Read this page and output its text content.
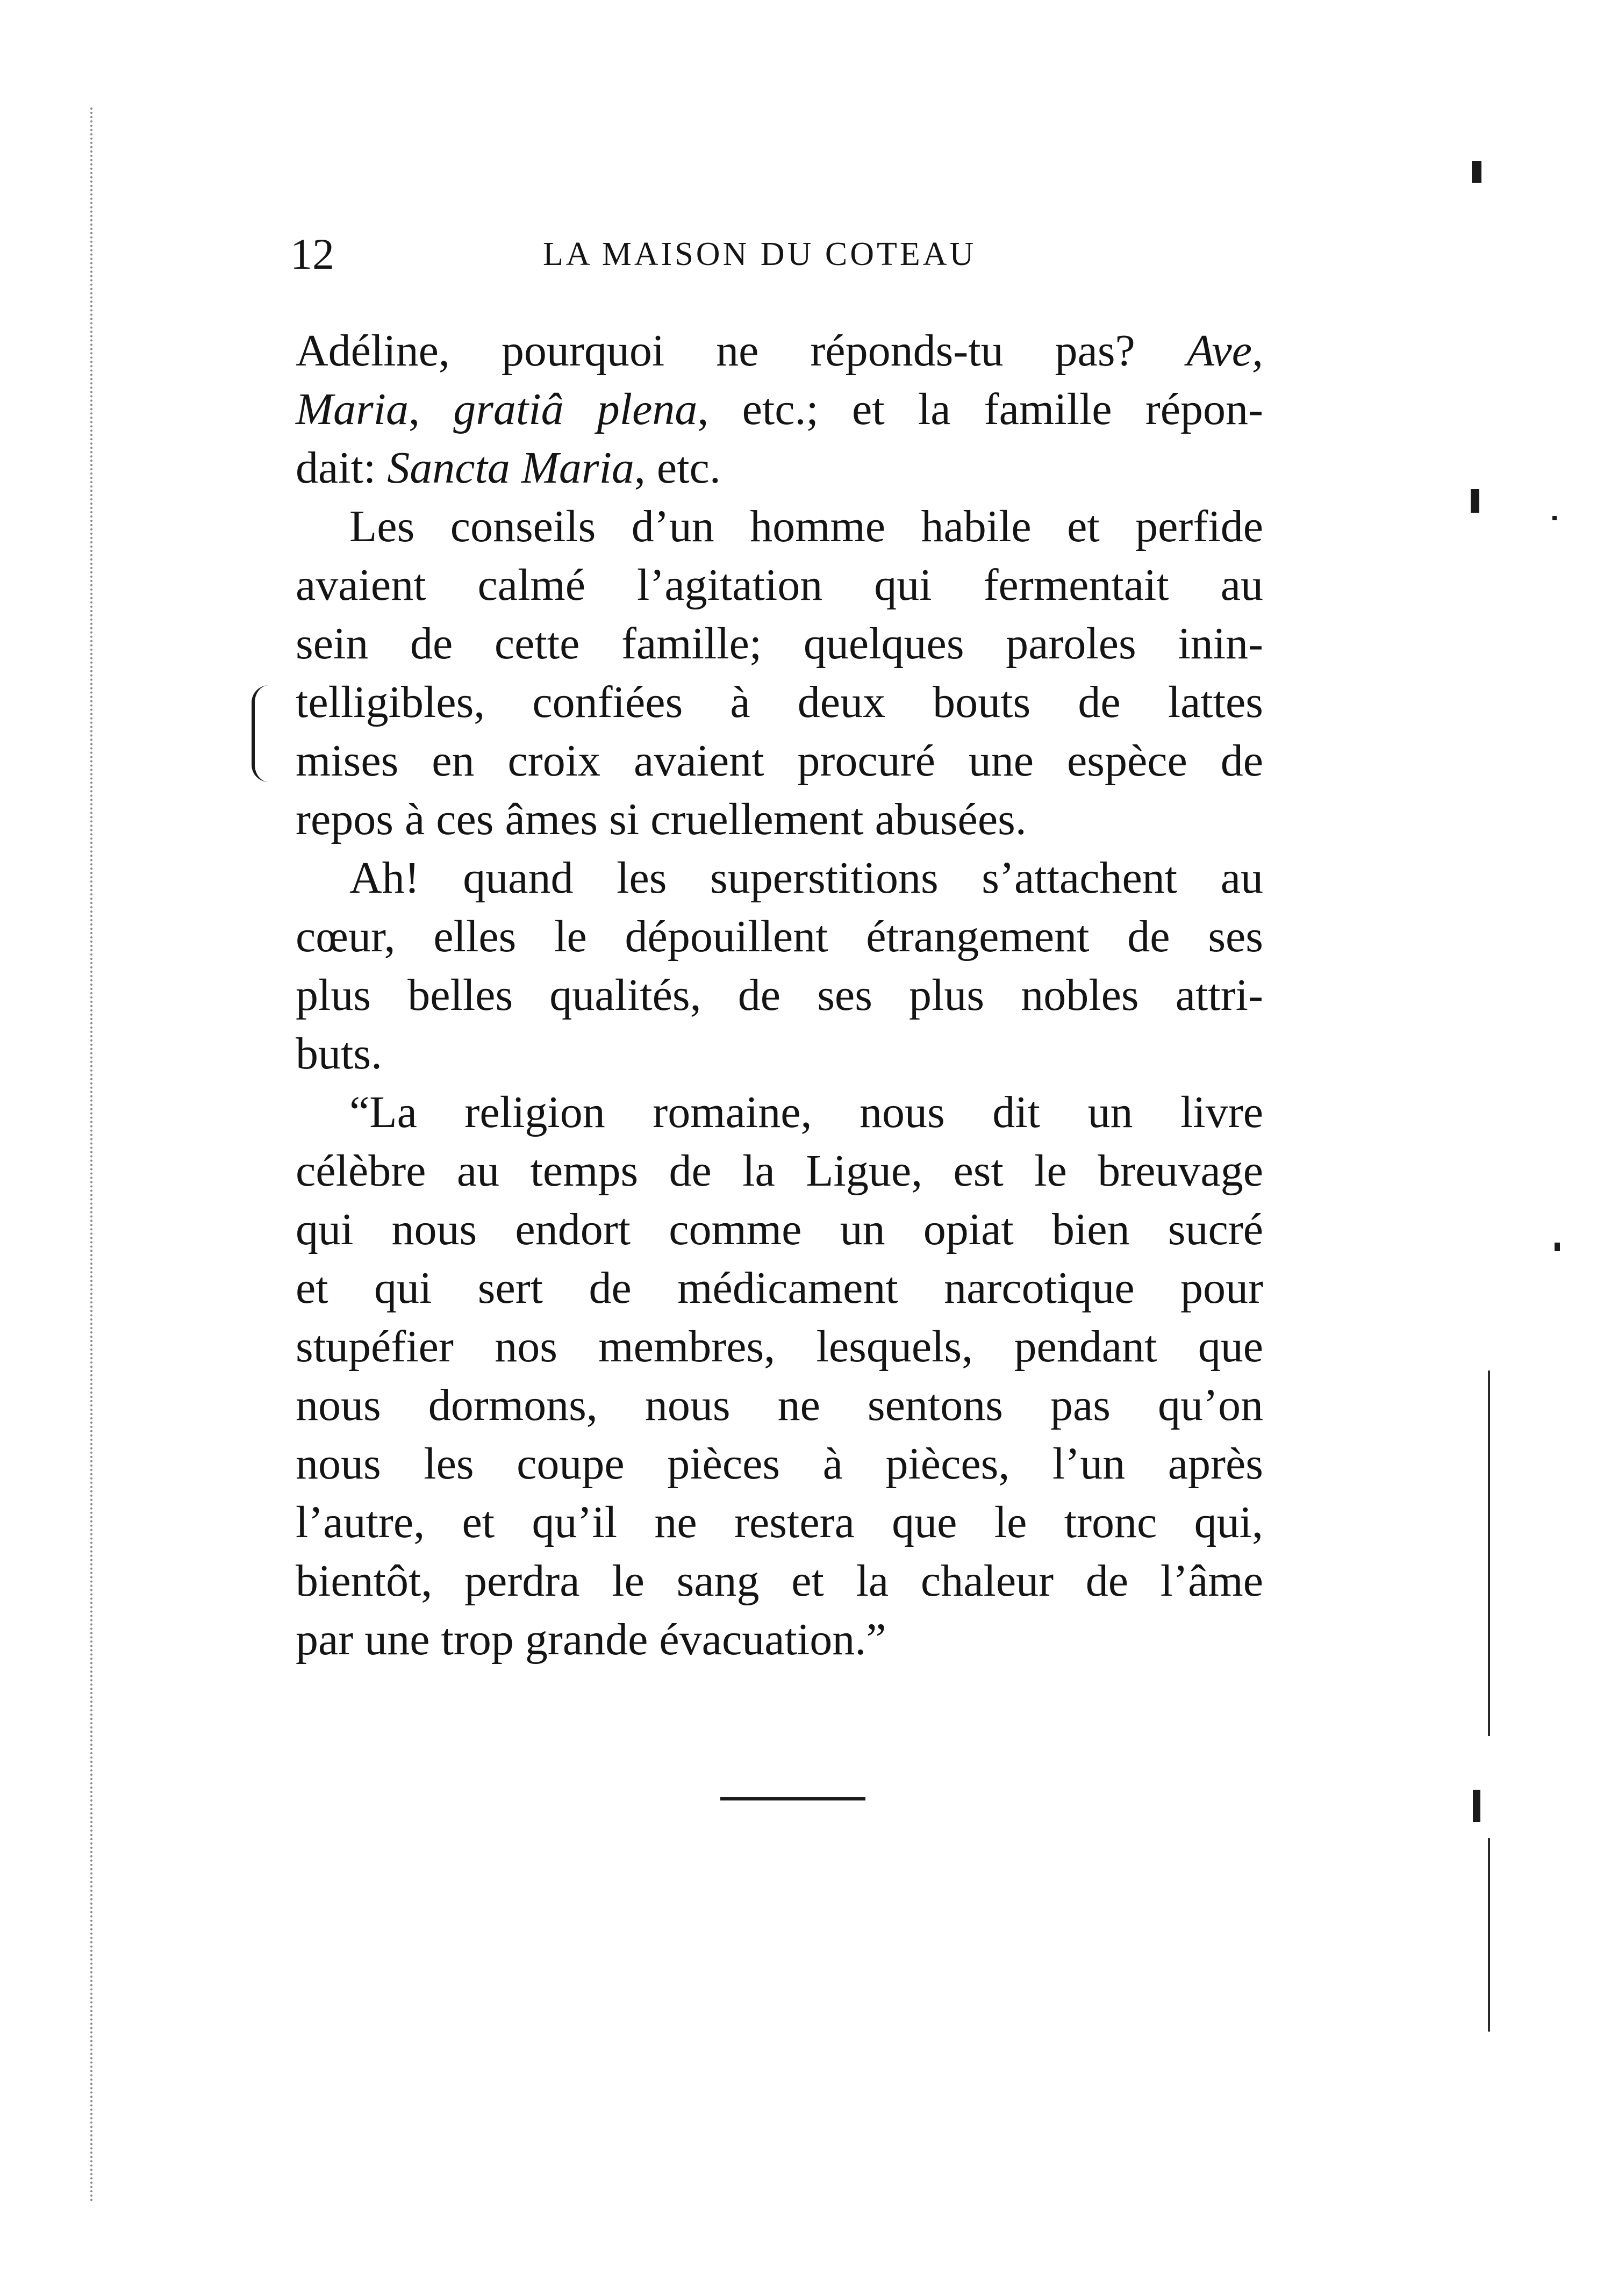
12	LA MAISON DU COTEAU
Adéline, pourquoi ne réponds-tu pas? Ave,
Maria, gratiâ plena, etc.; et la famille répon-
dait: Sancta Maria, etc.
Les conseils d’un homme habile et perfide
avaient calmé l’agitation qui fermentait au
sein de cette famille; quelques paroles inin-
telligibles, confiées à deux bouts de lattes
mises en croix avaient procuré une espèce de
repos à ces âmes si cruellement abusées.
Ah! quand les superstitions s’attachent au
cœur, elles le dépouillent étrangement de ses
plus belles qualités, de ses plus nobles attri-
buts.
“La religion romaine, nous dit un livre
célèbre au temps de la Ligue, est le breuvage
qui nous endort comme un opiat bien sucré
et qui sert de médicament narcotique pour
stupéfier nos membres, lesquels, pendant que
nous dormons, nous ne sentons pas qu’on
nous les coupe pièces à pièces, l’un après
l’autre, et qu’il ne restera que le tronc qui,
bientôt, perdra le sang et la chaleur de l’âme
par une trop grande évacuation.”
